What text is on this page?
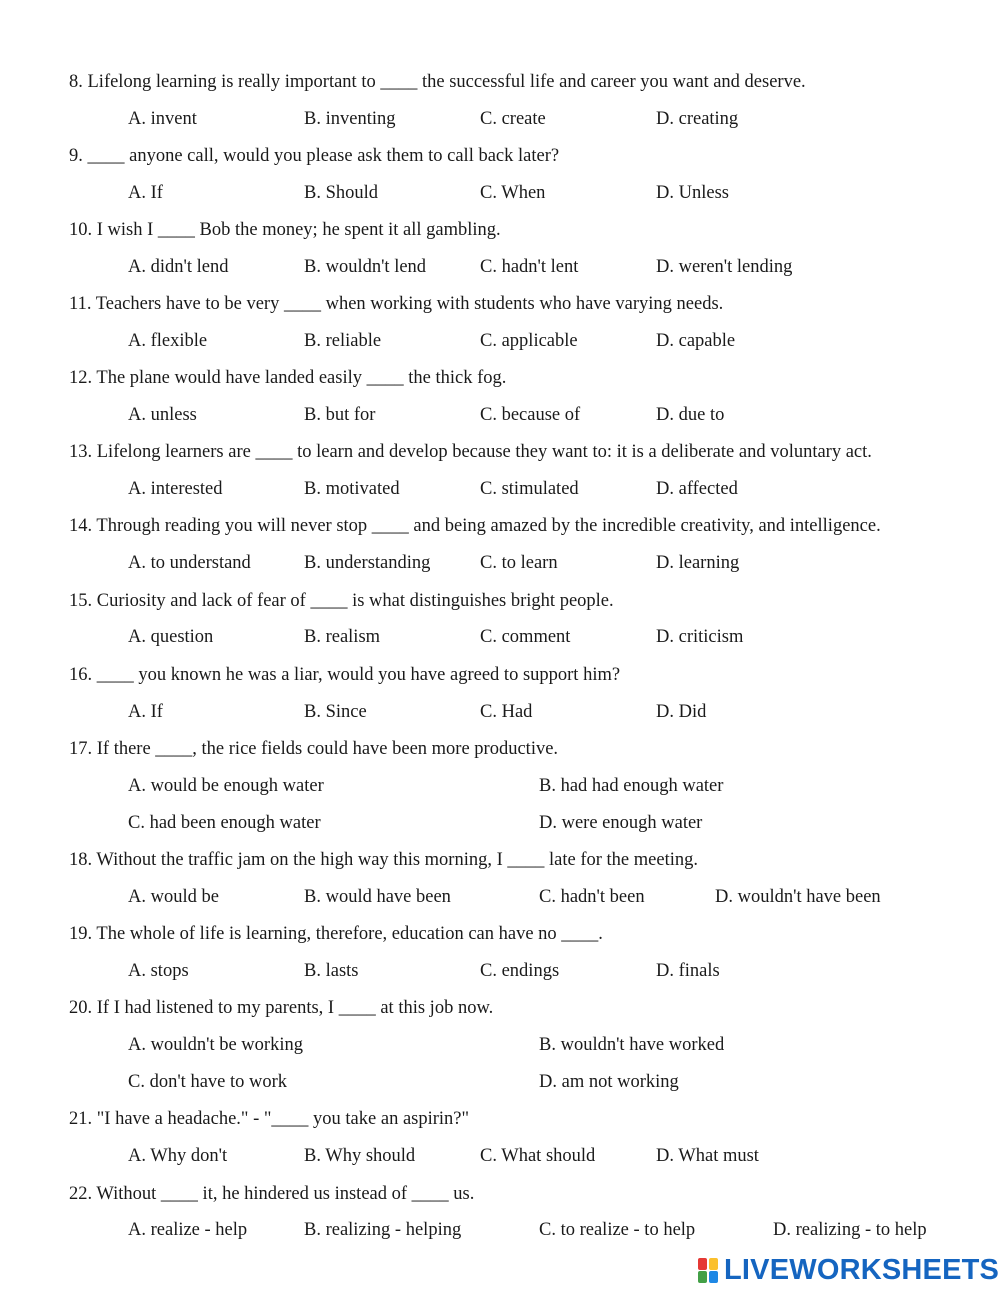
8. Lifelong learning is really important to ____ the successful life and career you want and deserve.
A. invent	B. inventing	C. create	D. creating
9. ____ anyone call, would you please ask them to call back later?
A. If	B. Should	C. When	D. Unless
10. I wish I ____ Bob the money; he spent it all gambling.
A. didn't lend	B. wouldn't lend	C. hadn't lent	D. weren't lending
11. Teachers have to be very ____ when working with students who have varying needs.
A. flexible	B. reliable	C. applicable	D. capable
12. The plane would have landed easily ____ the thick fog.
A. unless	B. but for	C. because of	D. due to
13. Lifelong learners are ____ to learn and develop because they want to: it is a deliberate and voluntary act.
A. interested	B. motivated	C. stimulated	D. affected
14. Through reading you will never stop ____ and being amazed by the incredible creativity, and intelligence.
A. to understand	B. understanding	C. to learn	D. learning
15. Curiosity and lack of fear of ____ is what distinguishes bright people.
A. question	B. realism	C. comment	D. criticism
16. ____ you known he was a liar, would you have agreed to support him?
A. If	B. Since	C. Had	D. Did
17. If there ____, the rice fields could have been more productive.
A. would be enough water	B. had had enough water
C. had been enough water	D. were enough water
18. Without the traffic jam on the high way this morning, I ____ late for the meeting.
A. would be	B. would have been	C. hadn't been	D. wouldn't have been
19. The whole of life is learning, therefore, education can have no ____.
A. stops	B. lasts	C. endings	D. finals
20. If I had listened to my parents, I ____ at this job now.
A. wouldn't be working	B. wouldn't have worked
C. don't have to work	D. am not working
21. "I have a headache." - "____ you take an aspirin?"
A. Why don't	B. Why should	C. What should	D. What must
22. Without ____ it, he hindered us instead of ____ us.
A. realize - help	B. realizing - helping	C. to realize - to help	D. realizing - to help
LIVEWORKSHEETS
